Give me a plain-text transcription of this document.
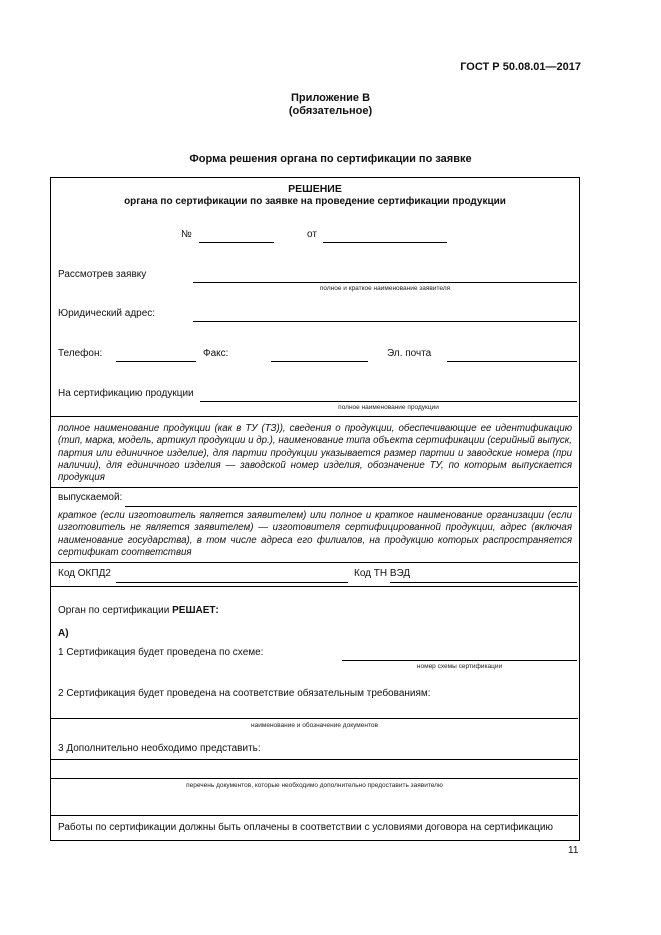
ГОСТ Р 50.08.01—2017
Приложение В
(обязательное)
Форма решения органа по сертификации по заявке
РЕШЕНИЕ
органа по сертификации по заявке на проведение сертификации продукции
№	от
Рассмотрев заявку
полное и краткое наименование заявителя
Юридический адрес:
Телефон:	Факс:	Эл. почта
На сертификацию продукции
полное наименование продукции
полное наименование продукции (как в ТУ (ТЗ)), сведения о продукции, обеспечивающие ее идентификацию (тип, марка, модель, артикул продукции и др.), наименование типа объекта сертификации (серийный выпуск, партия или единичное изделие), для партии продукции указывается размер партии и заводские номера (при наличии), для единичного изделия — заводской номер изделия, обозначение ТУ, по которым выпускается продукция
выпускаемой:
краткое (если изготовитель является заявителем) или полное и краткое наименование организации (если изготовитель не является заявителем) — изготовителя сертифицированной продукции, адрес (включая наименование государства), в том числе адреса его филиалов, на продукцию которых распространяется сертификат соответствия
Код ОКПД2	Код ТН ВЭД
Орган по сертификации РЕШАЕТ:
А)
1 Сертификация будет проведена по схеме:
номер схемы сертификации
2 Сертификация будет проведена на соответствие обязательным требованиям:
наименование и обозначение документов
3 Дополнительно необходимо представить:
перечень документов, которые необходимо дополнительно предоставить заявителю
Работы по сертификации должны быть оплачены в соответствии с условиями договора на сертификацию
11
